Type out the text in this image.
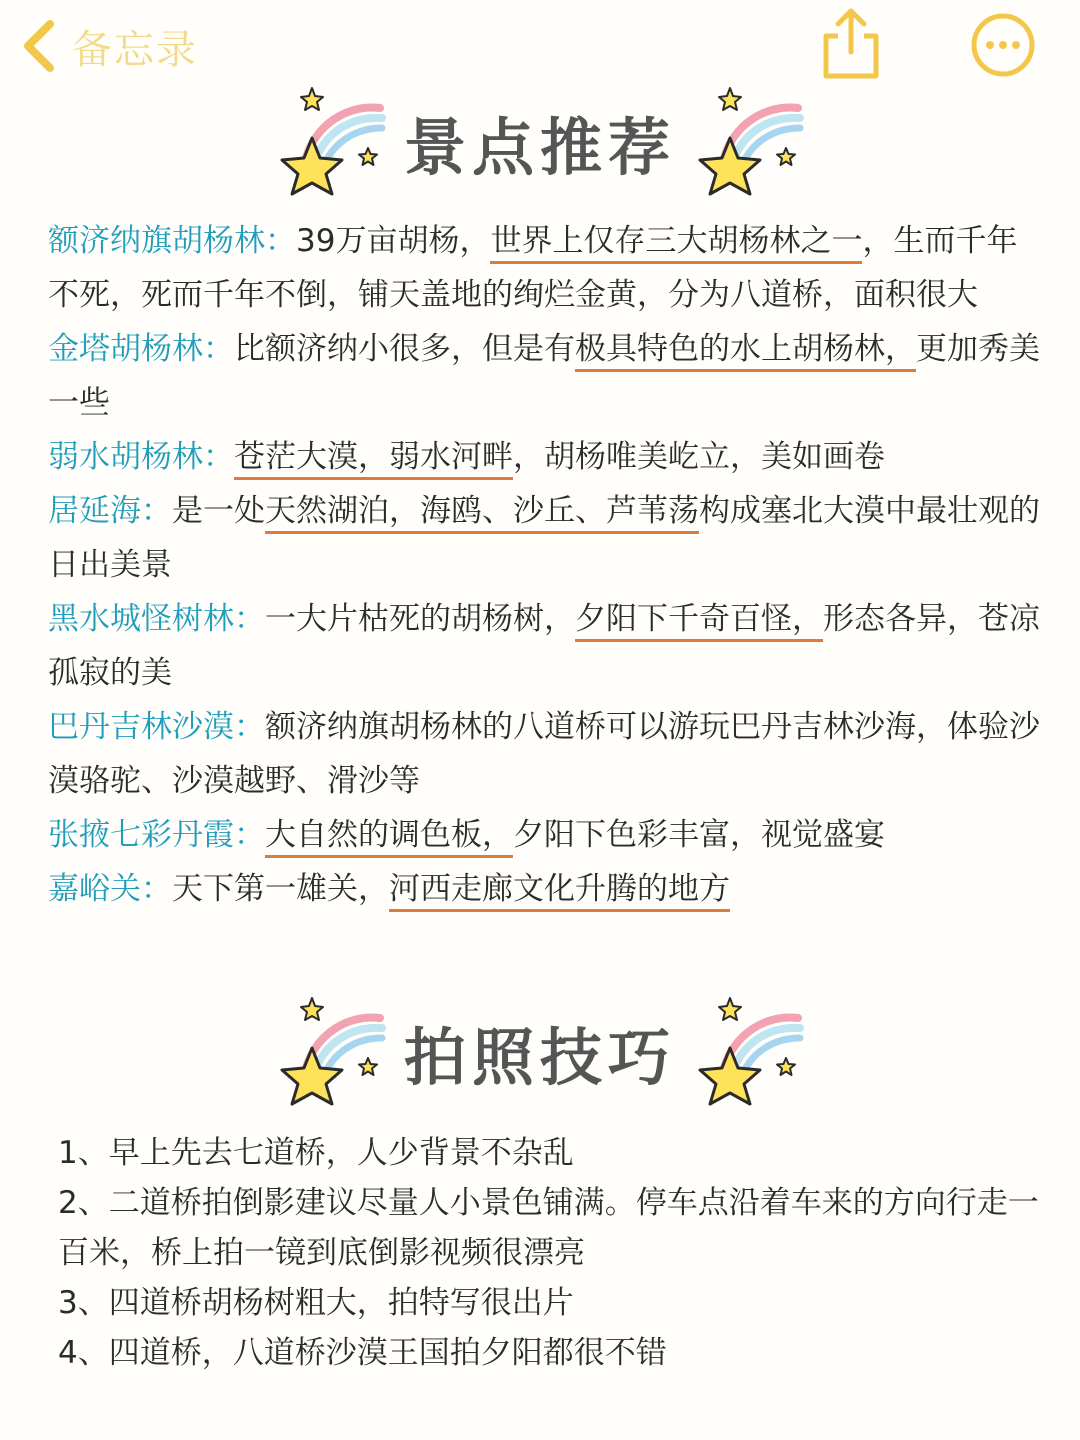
备忘录
景点推荐

额济纳旗胡杨林：39万亩胡杨，世界上仅存三大胡杨林之一，生而千年不死，死而千年不倒，铺天盖地的绚烂金黄，分为八道桥，面积很大

金塔胡杨林：比额济纳小很多，但是有极具特色的水上胡杨林，更加秀美一些

弱水胡杨林：苍茫大漠，弱水河畔，胡杨唯美屹立，美如画卷

居延海：是一处天然湖泊，海鸥、沙丘、芦苇荡构成塞北大漠中最壮观的日出美景

黑水城怪树林：一大片枯死的胡杨树，夕阳下千奇百怪，形态各异，苍凉孤寂的美

巴丹吉林沙漠：额济纳旗胡杨林的八道桥可以游玩巴丹吉林沙海，体验沙漠骆驼、沙漠越野、滑沙等

张掖七彩丹霞：大自然的调色板，夕阳下色彩丰富，视觉盛宴

嘉峪关：天下第一雄关，河西走廊文化升腾的地方

拍照技巧

1、早上先去七道桥，人少背景不杂乱

2、二道桥拍倒影建议尽量人小景色铺满。停车点沿着车来的方向行走一百米，桥上拍一镜到底倒影视频很漂亮

3、四道桥胡杨树粗大，拍特写很出片

4、四道桥，八道桥沙漠王国拍夕阳都很不错
